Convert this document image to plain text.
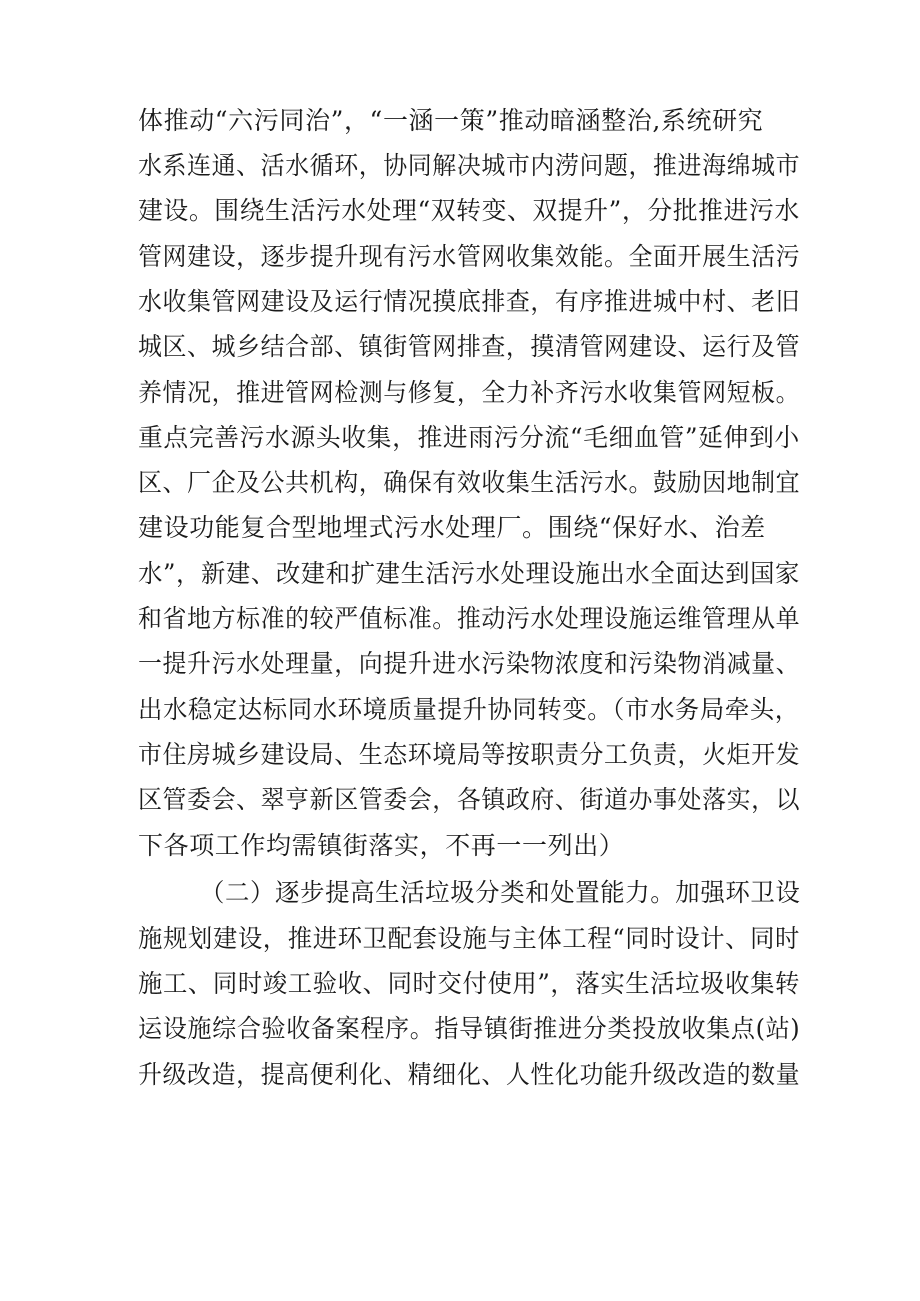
体推动“六污同治”，“一涵一策”推动暗涵整治,系统研究
水系连通、活水循环，协同解决城市内涝问题，推进海绵城市
建设。围绕生活污水处理“双转变、双提升”，分批推进污水
管网建设，逐步提升现有污水管网收集效能。全面开展生活污
水收集管网建设及运行情况摸底排查，有序推进城中村、老旧
城区、城乡结合部、镇街管网排查，摸清管网建设、运行及管
养情况，推进管网检测与修复，全力补齐污水收集管网短板。
重点完善污水源头收集，推进雨污分流“毛细血管”延伸到小
区、厂企及公共机构，确保有效收集生活污水。鼓励因地制宜
建设功能复合型地埋式污水处理厂。围绕“保好水、治差
水”，新建、改建和扩建生活污水处理设施出水全面达到国家
和省地方标准的较严值标准。推动污水处理设施运维管理从单
一提升污水处理量，向提升进水污染物浓度和污染物消减量、
出水稳定达标同水环境质量提升协同转变。（市水务局牵头，
市住房城乡建设局、生态环境局等按职责分工负责，火炬开发
区管委会、翠亨新区管委会，各镇政府、街道办事处落实，以
下各项工作均需镇街落实，不再一一列出）
（二）逐步提高生活垃圾分类和处置能力。加强环卫设
施规划建设，推进环卫配套设施与主体工程“同时设计、同时
施工、同时竣工验收、同时交付使用”，落实生活垃圾收集转
运设施综合验收备案程序。指导镇街推进分类投放收集点(站)
升级改造，提高便利化、精细化、人性化功能升级改造的数量
